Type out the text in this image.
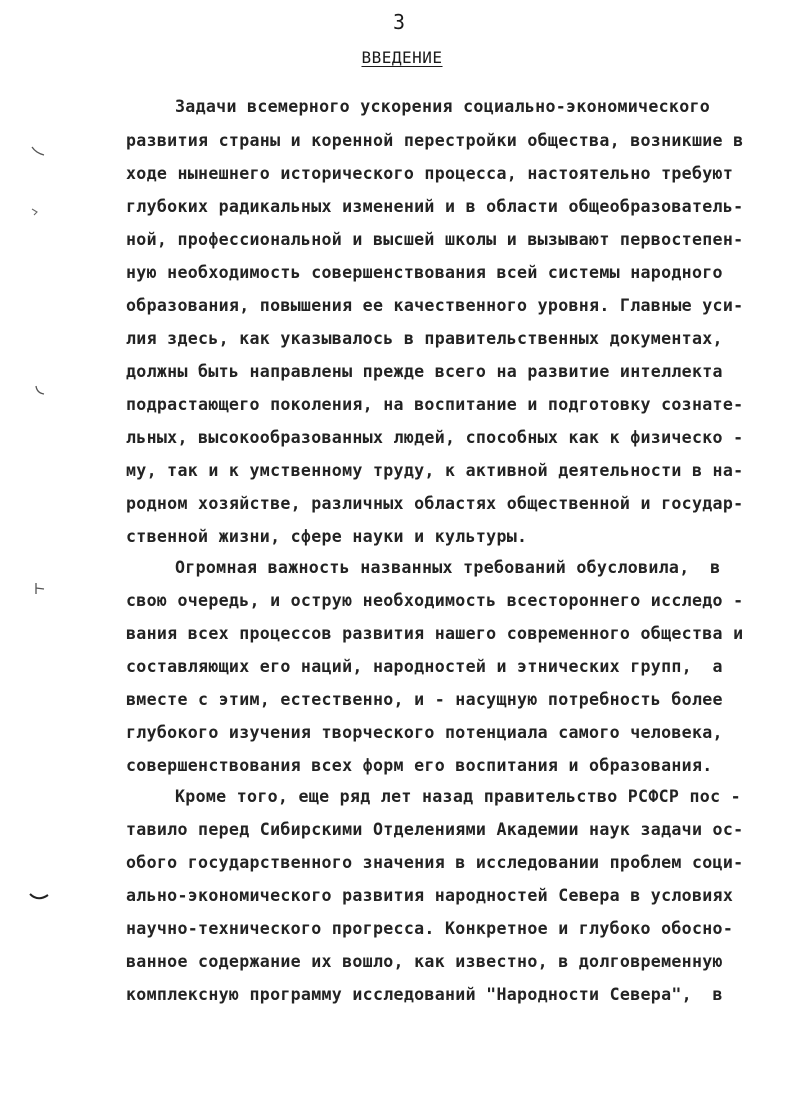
3
ВВЕДЕНИЕ
Задачи всемерного ускорения социально-экономического
развития страны и коренной перестройки общества, возникшие в
ходе нынешнего исторического процесса, настоятельно требуют
глубоких радикальных изменений и в области общеобразователь-
ной, профессиональной и высшей школы и вызывают первостепен-
ную необходимость совершенствования всей системы народного
образования, повышения ее качественного уровня. Главные уси-
лия здесь, как указывалось в правительственных документах,
должны быть направлены прежде всего на развитие интеллекта
подрастающего поколения, на воспитание и подготовку сознате-
льных, высокообразованных людей, способных как к физическо -
му, так и к умственному труду, к активной деятельности в на-
родном хозяйстве, различных областях общественной и государ-
ственной жизни, сфере науки и культуры.
Огромная важность названных требований обусловила,  в
свою очередь, и острую необходимость всестороннего исследо -
вания всех процессов развития нашего современного общества и
составляющих его наций, народностей и этнических групп,  а
вместе с этим, естественно, и - насущную потребность более
глубокого изучения творческого потенциала самого человека,
совершенствования всех форм его воспитания и образования.
Кроме того, еще ряд лет назад правительство РСФСР пос -
тавило перед Сибирскими Отделениями Академии наук задачи ос-
обого государственного значения в исследовании проблем соци-
ально-экономического развития народностей Севера в условиях
научно-технического прогресса. Конкретное и глубоко обосно-
ванное содержание их вошло, как известно, в долговременную
комплексную программу исследований "Народности Севера",  в
